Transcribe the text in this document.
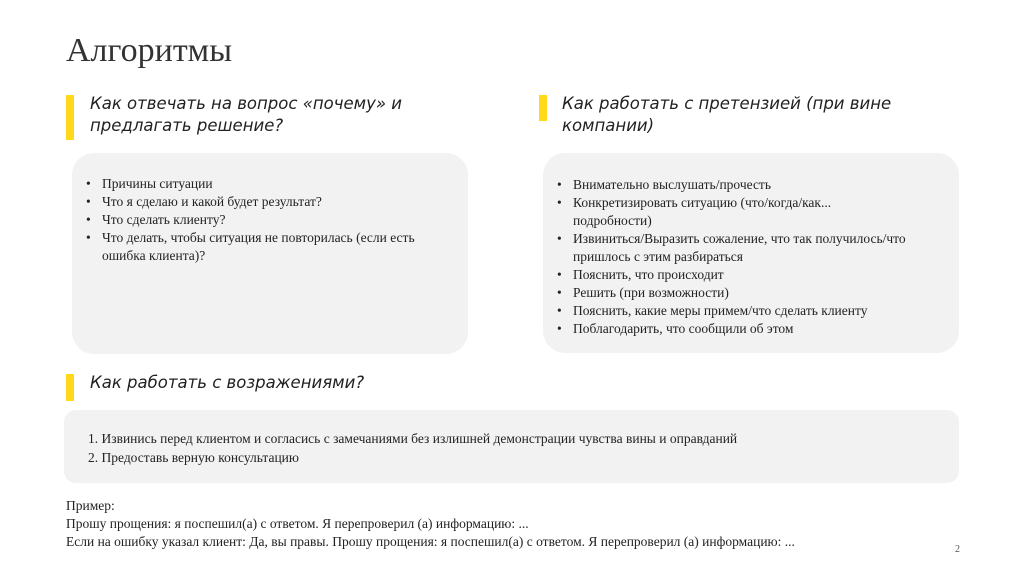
Алгоритмы
Как отвечать на вопрос «почему» и предлагать решение?
• Причины ситуации
• Что я сделаю и какой будет результат?
• Что сделать клиенту?
• Что делать, чтобы ситуация не повторилась (если есть ошибка клиента)?
Как работать с претензией (при вине компании)
• Внимательно выслушать/прочесть
• Конкретизировать ситуацию (что/когда/как... подробности)
• Извиниться/Выразить сожаление, что так получилось/что пришлось с этим разбираться
• Пояснить, что происходит
• Решить (при возможности)
• Пояснить, какие меры примем/что сделать клиенту
• Поблагодарить, что сообщили об этом
Как работать с возражениями?
1. Извинись перед клиентом и согласись с замечаниями без излишней демонстрации чувства вины и оправданий
2. Предоставь верную консультацию
Пример:
Прошу прощения: я поспешил(а) с ответом. Я перепроверил (а) информацию: ...
Если на ошибку указал клиент: Да, вы правы. Прошу прощения: я поспешил(а) с ответом. Я перепроверил (а) информацию: ...
2
